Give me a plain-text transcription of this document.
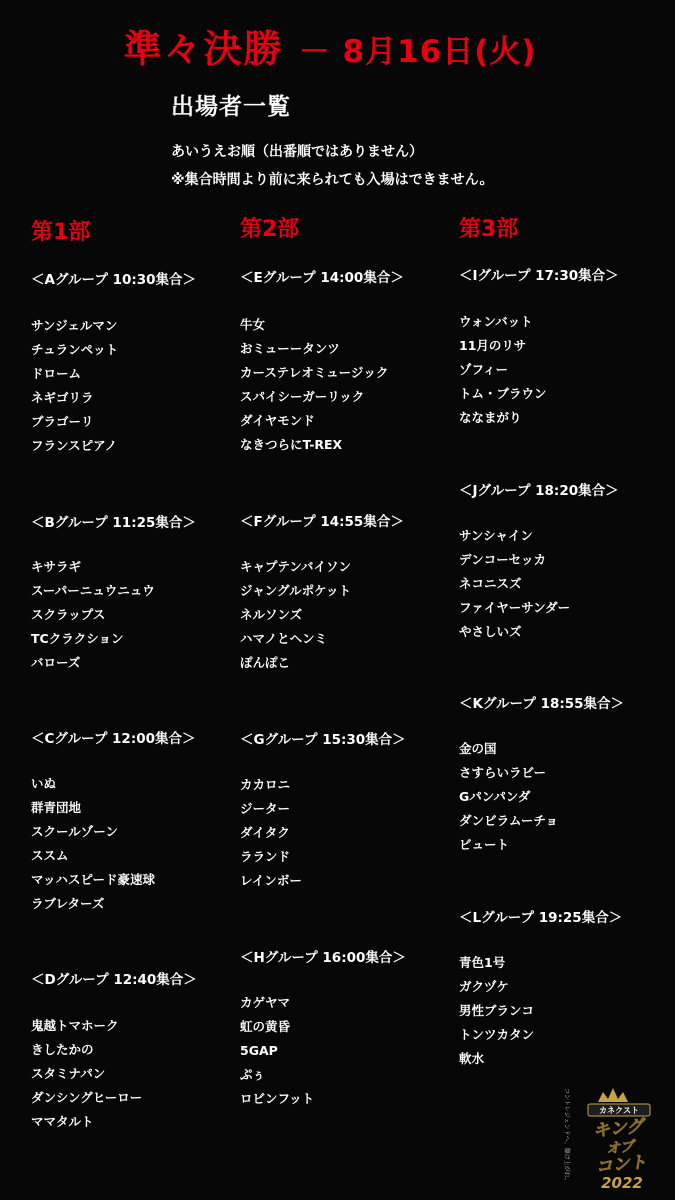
準々決勝 － 8月16日(火)
出場者一覧
あいうえお順（出番順ではありません）
※集合時間より前に来られても入場はできません。
第1部
＜Aグループ 10:30集合＞
サンジェルマン
チュランペット
ドローム
ネギゴリラ
ブラゴーリ
フランスピアノ
＜Bグループ 11:25集合＞
キサラギ
スーパーニュウニュウ
スクラップス
TCクラクション
バローズ
＜Cグループ 12:00集合＞
いぬ
群青団地
スクールゾーン
ススム
マッハスピード豪速球
ラブレターズ
＜Dグループ 12:40集合＞
鬼越トマホーク
きしたかの
スタミナパン
ダンシングヒーロー
ママタルト
第2部
＜Eグループ 14:00集合＞
牛女
おミューータンツ
カーステレオミュージック
スパイシーガーリック
ダイヤモンド
なきつらにT-REX
＜Fグループ 14:55集合＞
キャプテンバイソン
ジャングルポケット
ネルソンズ
ハマノとヘンミ
ぽんぽこ
＜Gグループ 15:30集合＞
カカロニ
ジーター
ダイタク
ラランド
レインボー
＜Hグループ 16:00集合＞
カゲヤマ
虹の黄昏
5GAP
ぷぅ
ロビンフット
第3部
＜Iグループ 17:30集合＞
ウォンバット
11月のリサ
ゾフィー
トム・ブラウン
ななまがり
＜Jグループ 18:20集合＞
サンシャイン
デンコーセッカ
ネコニスズ
ファイヤーサンダー
やさしいズ
＜Kグループ 18:55集合＞
金の国
さすらいラビー
Gパンパンダ
ダンビラムーチョ
ビュート
＜Lグループ 19:25集合＞
青色1号
ガクヅケ
男性ブランコ
トンツカタン
軟水
コントレジェンドへ、駆け上がれ。	カネクスト
キング
オブ
コント
2022
